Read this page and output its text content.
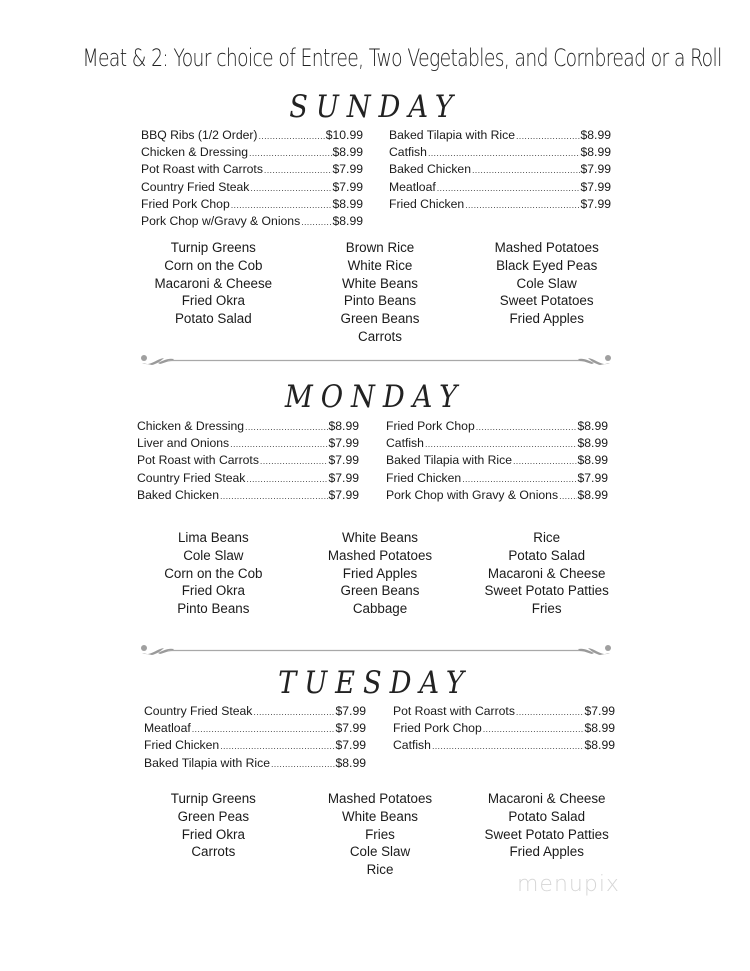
Meat & 2: Your choice of Entree, Two Vegetables, and Cornbread or a Roll
SUNDAY
BBQ Ribs (1/2 Order) .....	$10.99
Chicken & Dressing .....	$8.99
Pot Roast with Carrots .....	$7.99
Country Fried Steak .....	$7.99
Fried Pork Chop .....	$8.99
Pork Chop w/Gravy & Onions .....	$8.99
Baked Tilapia with Rice .....	$8.99
Catfish .....	$8.99
Baked Chicken .....	$7.99
Meatloaf .....	$7.99
Fried Chicken .....	$7.99
Turnip Greens
Corn on the Cob
Macaroni & Cheese
Fried Okra
Potato Salad
Brown Rice
White Rice
White Beans
Pinto Beans
Green Beans
Carrots
Mashed Potatoes
Black Eyed Peas
Cole Slaw
Sweet Potatoes
Fried Apples
MONDAY
Chicken & Dressing .....	$8.99
Liver and Onions .....	$7.99
Pot Roast with Carrots .....	$7.99
Country Fried Steak .....	$7.99
Baked Chicken .....	$7.99
Fried Pork Chop .....	$8.99
Catfish .....	$8.99
Baked Tilapia with Rice .....	$8.99
Fried Chicken .....	$7.99
Pork Chop with Gravy & Onions ..... $8.99
Lima Beans
Cole Slaw
Corn on the Cob
Fried Okra
Pinto Beans
White Beans
Mashed Potatoes
Fried Apples
Green Beans
Cabbage
Rice
Potato Salad
Macaroni & Cheese
Sweet Potato Patties
Fries
TUESDAY
Country Fried Steak .....	$7.99
Meatloaf .....	$7.99
Fried Chicken .....	$7.99
Baked Tilapia with Rice .....	$8.99
Pot Roast with Carrots .....	$7.99
Fried Pork Chop .....	$8.99
Catfish .....	$8.99
Turnip Greens
Green Peas
Fried Okra
Carrots
Mashed Potatoes
White Beans
Fries
Cole Slaw
Rice
Macaroni & Cheese
Potato Salad
Sweet Potato Patties
Fried Apples
menupix
